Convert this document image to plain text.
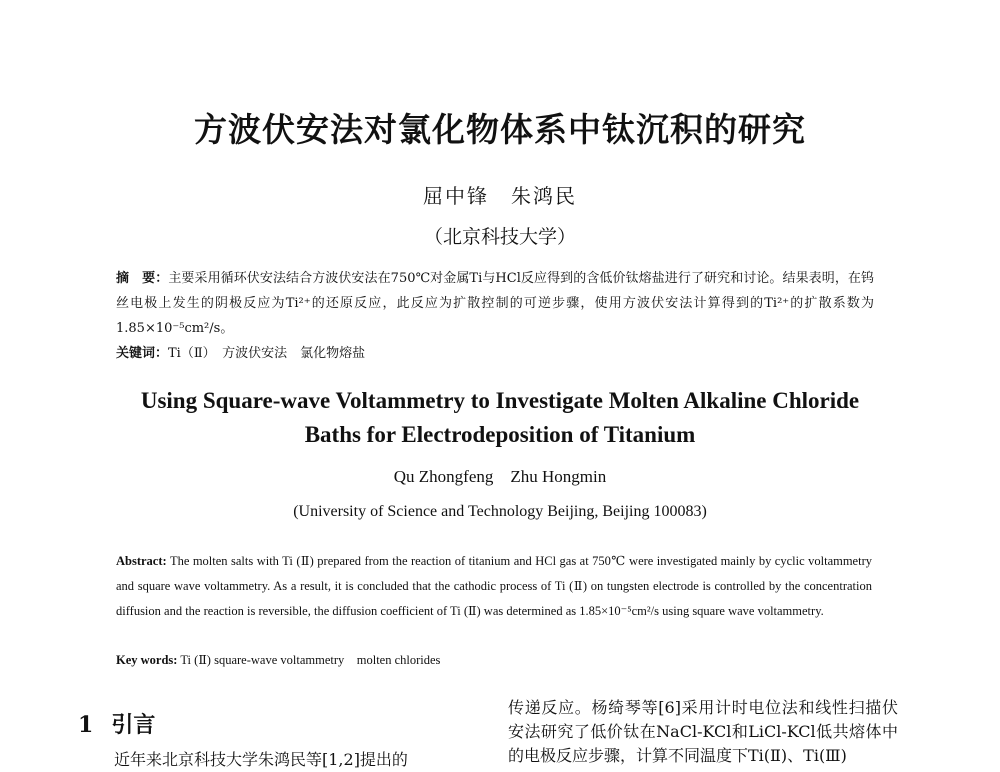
方波伏安法对氯化物体系中钛沉积的研究
屈中锋　朱鸿民
（北京科技大学）
摘　要：主要采用循环伏安法结合方波伏安法在750℃对金属Ti与HCl反应得到的含低价钛熔盐进行了研究和讨论。结果表明，在钨丝电极上发生的阴极反应为Ti²⁺的还原反应，此反应为扩散控制的可逆步骤，使用方波伏安法计算得到的Ti²⁺的扩散系数为1.85×10⁻⁵cm²/s。
关键词：Ti（Ⅱ）　方波伏安法　氯化物熔盐
Using Square-wave Voltammetry to Investigate Molten Alkaline Chloride
Baths for Electrodeposition of Titanium
Qu Zhongfeng　Zhu Hongmin
(University of Science and Technology Beijing, Beijing 100083)
Abstract: The molten salts with Ti (Ⅱ) prepared from the reaction of titanium and HCl gas at 750℃ were investigated mainly by cyclic voltammetry and square wave voltammetry. As a result, it is concluded that the cathodic process of Ti (Ⅱ) on tungsten electrode is controlled by the concentration diffusion and the reaction is reversible, the diffusion coefficient of Ti (Ⅱ) was determined as 1.85×10⁻⁵cm²/s using square wave voltammetry.
Key words: Ti (Ⅱ) square-wave voltammetry　molten chlorides
1 引言
近年来北京科技大学朱鸿民等[1,2]提出的
传递反应。杨绮琴等[6]采用计时电位法和线性扫描伏安法研究了低价钛在NaCl-KCl和LiCl-KCl低共熔体中的电极反应步骤，计算不同温度下Ti(Ⅱ)、Ti(Ⅲ)
